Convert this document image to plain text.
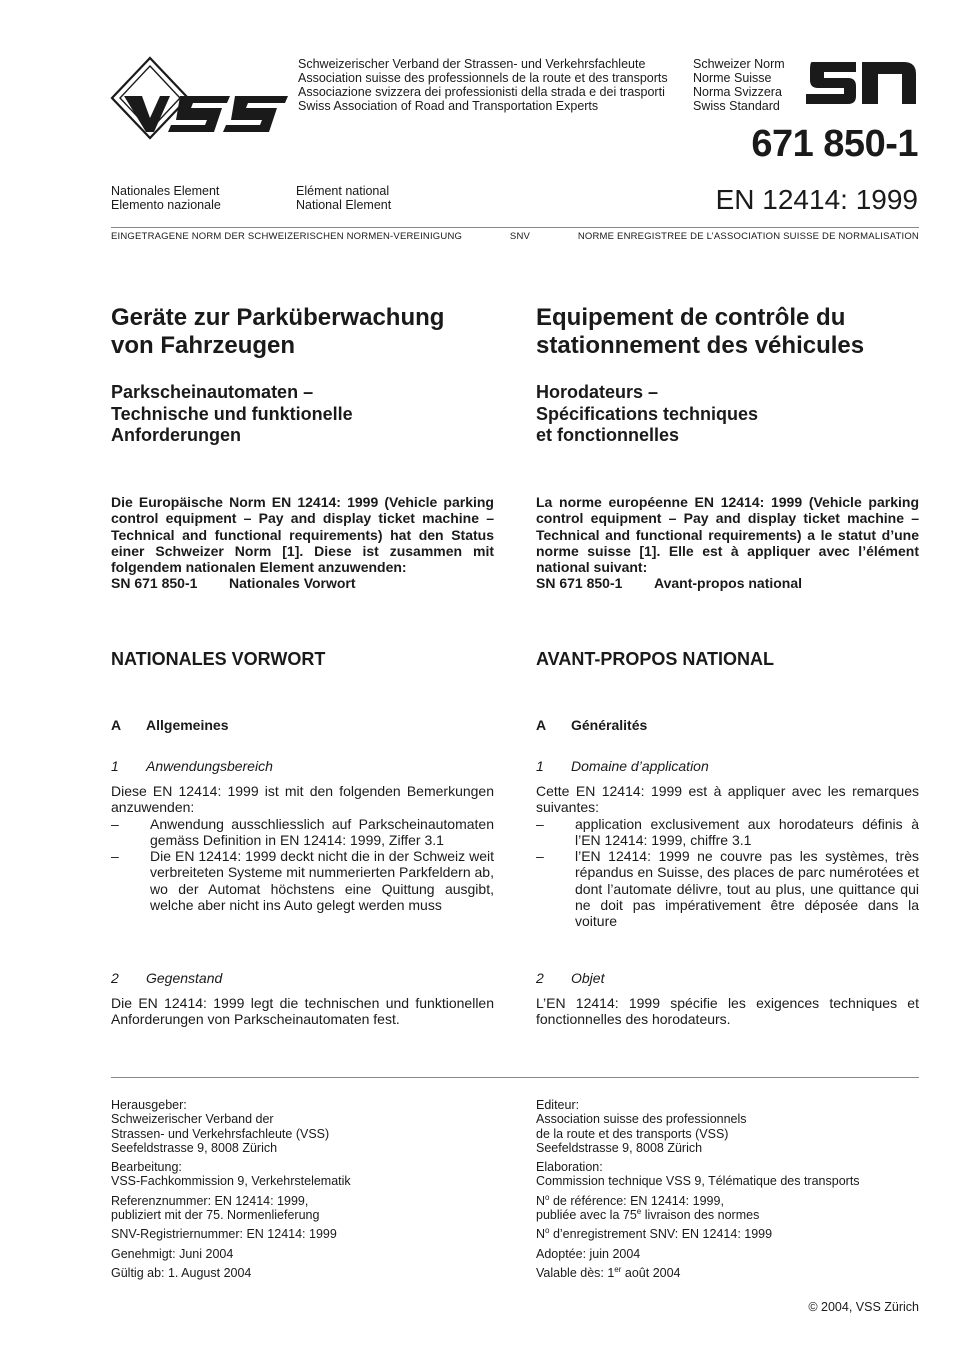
Schweizerischer Verband der Strassen- und Verkehrsfachleute
Association suisse des professionnels de la route et des transports
Associazione svizzera dei professionisti della strada e dei trasporti
Swiss Association of Road and Transportation Experts
Schweizer Norm
Norme Suisse
Norma Svizzera
Swiss Standard
671 850-1
EN 12414: 1999
Nationales Element
Elemento nazionale
Elément national
National Element
EINGETRAGENE NORM DER SCHWEIZERISCHEN NORMEN-VEREINIGUNG	SNV	NORME ENREGISTREE DE L’ASSOCIATION SUISSE DE NORMALISATION
Geräte zur Parküberwachung
von Fahrzeugen
Parkscheinautomaten –
Technische und funktionelle
Anforderungen

Die Europäische Norm EN 12414: 1999 (Vehicle parking control equipment – Pay and display ticket machine – Technical and functional requirements) hat den Status einer Schweizer Norm [1]. Diese ist zusammen mit folgendem nationalen Element anzuwenden:

SN 671 850-1 Nationales Vorwort
NATIONALES VORWORT
A Allgemeines
1 Anwendungsbereich

Diese EN 12414: 1999 ist mit den folgenden Bemerkungen anzuwenden:

–	Anwendung ausschliesslich auf Parkscheinautomaten gemäss Definition in EN 12414: 1999, Ziffer 3.1
–	Die EN 12414: 1999 deckt nicht die in der Schweiz weit verbreiteten Systeme mit nummerierten Parkfeldern ab, wo der Automat höchstens eine Quittung ausgibt, welche aber nicht ins Auto gelegt werden muss
2 Gegenstand

Die EN 12414: 1999 legt die technischen und funktionellen Anforderungen von Parkscheinautomaten fest.

Equipement de contrôle du
stationnement des véhicules
Horodateurs –
Spécifications techniques
et fonctionnelles

La norme européenne EN 12414: 1999 (Vehicle parking control equipment – Pay and display ticket machine – Technical and functional requirements) a le statut d’une norme suisse [1]. Elle est à appliquer avec l’élément national suivant:

SN 671 850-1 Avant-propos national
AVANT-PROPOS NATIONAL
A Généralités
1 Domaine d’application

Cette EN 12414: 1999 est à appliquer avec les remarques suivantes:

–	application exclusivement aux horodateurs définis à l’EN 12414: 1999, chiffre 3.1
–	l’EN 12414: 1999 ne couvre pas les systèmes, très répandus en Suisse, des places de parc numérotées et dont l’automate délivre, tout au plus, une quittance qui ne doit pas impérativement être déposée dans la voiture
2 Objet

L’EN 12414: 1999 spécifie les exigences techniques et fonctionnelles des horodateurs.

Herausgeber:
Schweizerischer Verband der
Strassen- und Verkehrsfachleute (VSS)
Seefeldstrasse 9, 8008 Zürich
Bearbeitung:
VSS-Fachkommission 9, Verkehrstelematik
Referenznummer: EN 12414: 1999,
publiziert mit der 75. Normenlieferung
SNV-Registriernummer: EN 12414: 1999
Genehmigt: Juni 2004
Gültig ab: 1. August 2004
Editeur:
Association suisse des professionnels
de la route et des transports (VSS)
Seefeldstrasse 9, 8008 Zürich
Elaboration:
Commission technique VSS 9, Télématique des transports
$N^o$ de référence: EN 12414: 1999,
publiée avec la 75e livraison des normes
$N^o$ d’enregistrement SNV: EN 12414: 1999
Adoptée: juin 2004
Valable dès: 1er août 2004
© 2004, VSS Zürich
